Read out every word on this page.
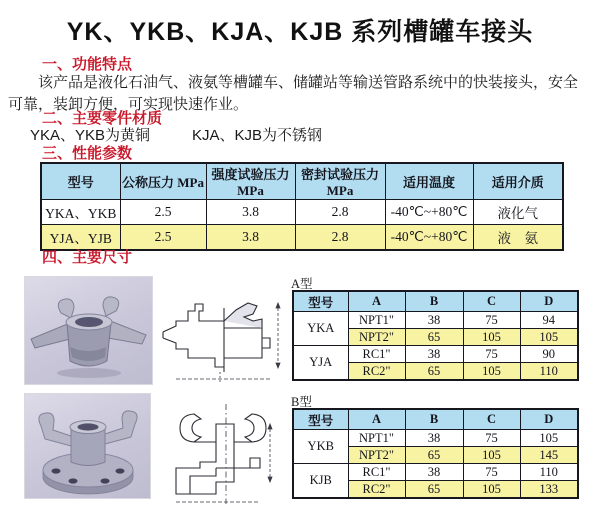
YK、YKB、KJA、KJB 系列槽罐车接头
一、功能特点
该产品是液化石油气、液氨等槽罐车、储罐站等输送管路系统中的快装接头，安全可靠，装卸方便，可实现快速作业。
二、主要零件材质
YKA、YKB为黄铜	KJA、KJB为不锈钢
三、性能参数
型号	公称压力 MPa	强度试验压力MPa	密封试验压力MPa	适用温度	适用介质
YKA、YKB	2.5	3.8	2.8	-40℃~+80℃	液化气
YJA、YJB	2.5	3.8	2.8	-40℃~+80℃	液　氨
四、主要尺寸
A型
型号	A	B	C	D
YKA	NPT1"	38	75	94
	NPT2"	65	105	105
YJA	RC1"	38	75	90
	RC2"	65	105	110
B型
型号	A	B	C	D
YKB	NPT1"	38	75	105
	NPT2"	65	105	145
KJB	RC1"	38	75	110
	RC2"	65	105	133
